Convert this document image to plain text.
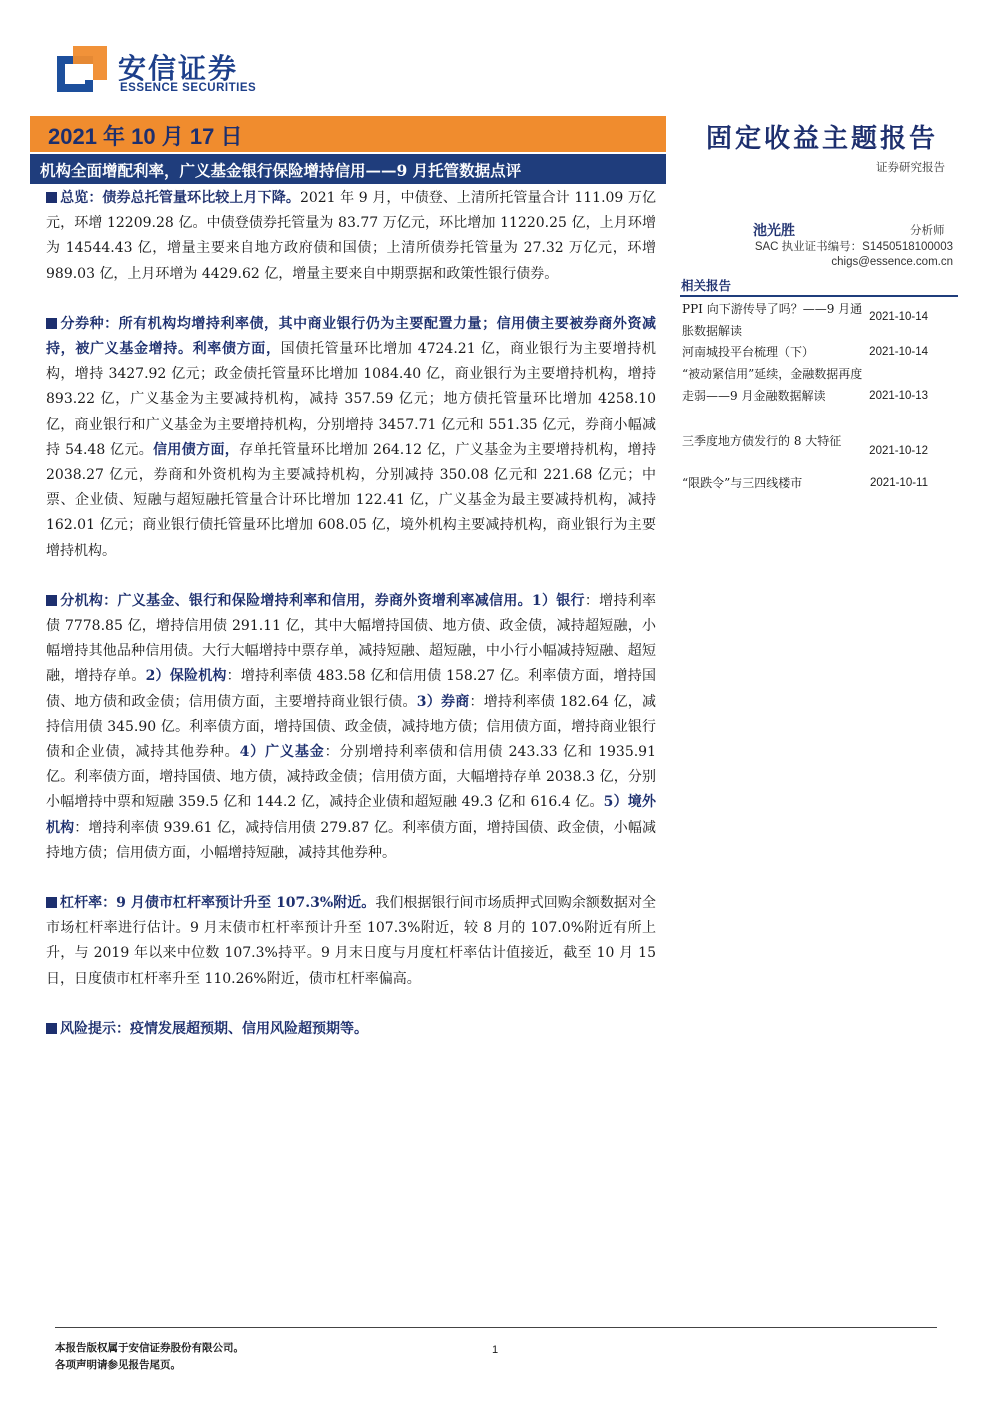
安信证券
ESSENCE SECURITIES
2021 年 10 月 17 日
机构全面增配利率，广义基金银行保险增持信用——9 月托管数据点评
固定收益主题报告
证券研究报告
池光胜	分析师
SAC 执业证书编号：S1450518100003
chigs@essence.com.cn
相关报告
PPI 向下游传导了吗？——9 月通胀数据解读
2021-10-14
河南城投平台梳理（下）	2021-10-14
“被动紧信用”延续，金融数据再度走弱——9 月金融数据解读	2021-10-13
三季度地方债发行的 8 大特征
2021-10-12
“限跌令”与三四线楼市	2021-10-11

总览：债券总托管量环比较上月下降。2021 年 9 月，中债登、上清所托管量合计 111.09 万亿元，环增 12209.28 亿。中债登债券托管量为 83.77 万亿元，环比增加 11220.25 亿，上月环增为 14544.43 亿，增量主要来自地方政府债和国债；上清所债券托管量为 27.32 万亿元，环增 989.03 亿，上月环增为 4429.62 亿，增量主要来自中期票据和政策性银行债券。

分券种：所有机构均增持利率债，其中商业银行仍为主要配置力量；信用债主要被券商外资减持，被广义基金增持。利率债方面，国债托管量环比增加 4724.21 亿，商业银行为主要增持机构，增持 3427.92 亿元；政金债托管量环比增加 1084.40 亿，商业银行为主要增持机构，增持 893.22 亿，广义基金为主要减持机构，减持 357.59 亿元；地方债托管量环比增加 4258.10 亿，商业银行和广义基金为主要增持机构，分别增持 3457.71 亿元和 551.35 亿元，券商小幅减持 54.48 亿元。信用债方面，存单托管量环比增加 264.12 亿，广义基金为主要增持机构，增持 2038.27 亿元，券商和外资机构为主要减持机构，分别减持 350.08 亿元和 221.68 亿元；中票、企业债、短融与超短融托管量合计环比增加 122.41 亿，广义基金为最主要减持机构，减持 162.01 亿元；商业银行债托管量环比增加 608.05 亿，境外机构主要减持机构，商业银行为主要增持机构。

分机构：广义基金、银行和保险增持利率和信用，券商外资增利率减信用。1）银行：增持利率债 7778.85 亿，增持信用债 291.11 亿，其中大幅增持国债、地方债、政金债，减持超短融，小幅增持其他品种信用债。大行大幅增持中票存单，减持短融、超短融，中小行小幅减持短融、超短融，增持存单。2）保险机构：增持利率债 483.58 亿和信用债 158.27 亿。利率债方面，增持国债、地方债和政金债；信用债方面，主要增持商业银行债。3）券商：增持利率债 182.64 亿，减持信用债 345.90 亿。利率债方面，增持国债、政金债，减持地方债；信用债方面，增持商业银行债和企业债，减持其他券种。4）广义基金：分别增持利率债和信用债 243.33 亿和 1935.91 亿。利率债方面，增持国债、地方债，减持政金债；信用债方面，大幅增持存单 2038.3 亿，分别小幅增持中票和短融 359.5 亿和 144.2 亿，减持企业债和超短融 49.3 亿和 616.4 亿。5）境外机构：增持利率债 939.61 亿，减持信用债 279.87 亿。利率债方面，增持国债、政金债，小幅减持地方债；信用债方面，小幅增持短融，减持其他券种。

杠杆率：9 月债市杠杆率预计升至 107.3%附近。我们根据银行间市场质押式回购余额数据对全市场杠杆率进行估计。9 月末债市杠杆率预计升至 107.3%附近，较 8 月的 107.0%附近有所上升，与 2019 年以来中位数 107.3%持平。9 月末日度与月度杠杆率估计值接近，截至 10 月 15 日，日度债市杠杆率升至 110.26%附近，债市杠杆率偏高。

风险提示：疫情发展超预期、信用风险超预期等。

本报告版权属于安信证券股份有限公司。
各项声明请参见报告尾页。
1
